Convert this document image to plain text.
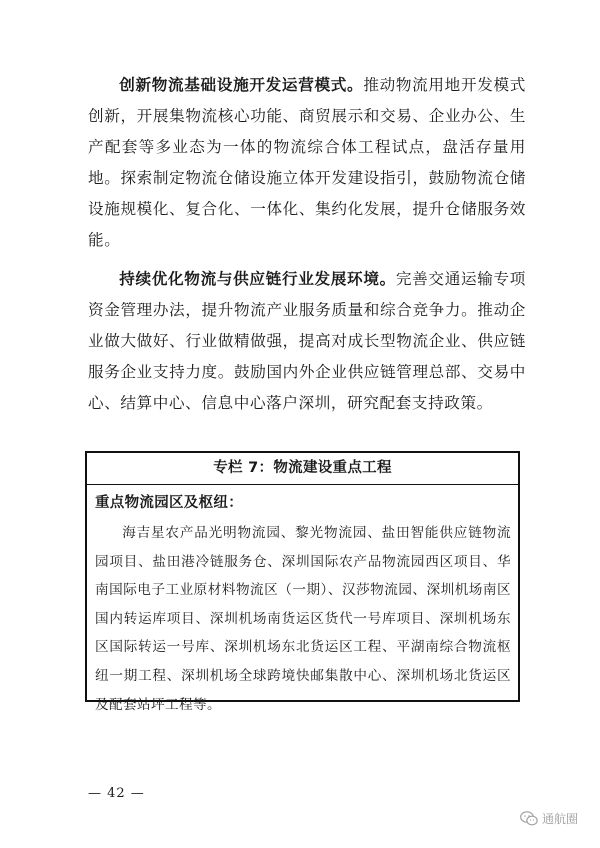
创新物流基础设施开发运营模式。推动物流用地开发模式创新，开展集物流核心功能、商贸展示和交易、企业办公、生产配套等多业态为一体的物流综合体工程试点，盘活存量用地。探索制定物流仓储设施立体开发建设指引，鼓励物流仓储设施规模化、复合化、一体化、集约化发展，提升仓储服务效能。

持续优化物流与供应链行业发展环境。完善交通运输专项资金管理办法，提升物流产业服务质量和综合竞争力。推动企业做大做好、行业做精做强，提高对成长型物流企业、供应链服务企业支持力度。鼓励国内外企业供应链管理总部、交易中心、结算中心、信息中心落户深圳，研究配套支持政策。

专栏 7：物流建设重点工程
重点物流园区及枢纽：

海吉星农产品光明物流园、黎光物流园、盐田智能供应链物流园项目、盐田港冷链服务仓、深圳国际农产品物流园西区项目、华南国际电子工业原材料物流区（一期）、汉莎物流园、深圳机场南区国内转运库项目、深圳机场南货运区货代一号库项目、深圳机场东区国际转运一号库、深圳机场东北货运区工程、平湖南综合物流枢纽一期工程、深圳机场全球跨境快邮集散中心、深圳机场北货运区及配套站坪工程等。

— 42 —
通航圈
